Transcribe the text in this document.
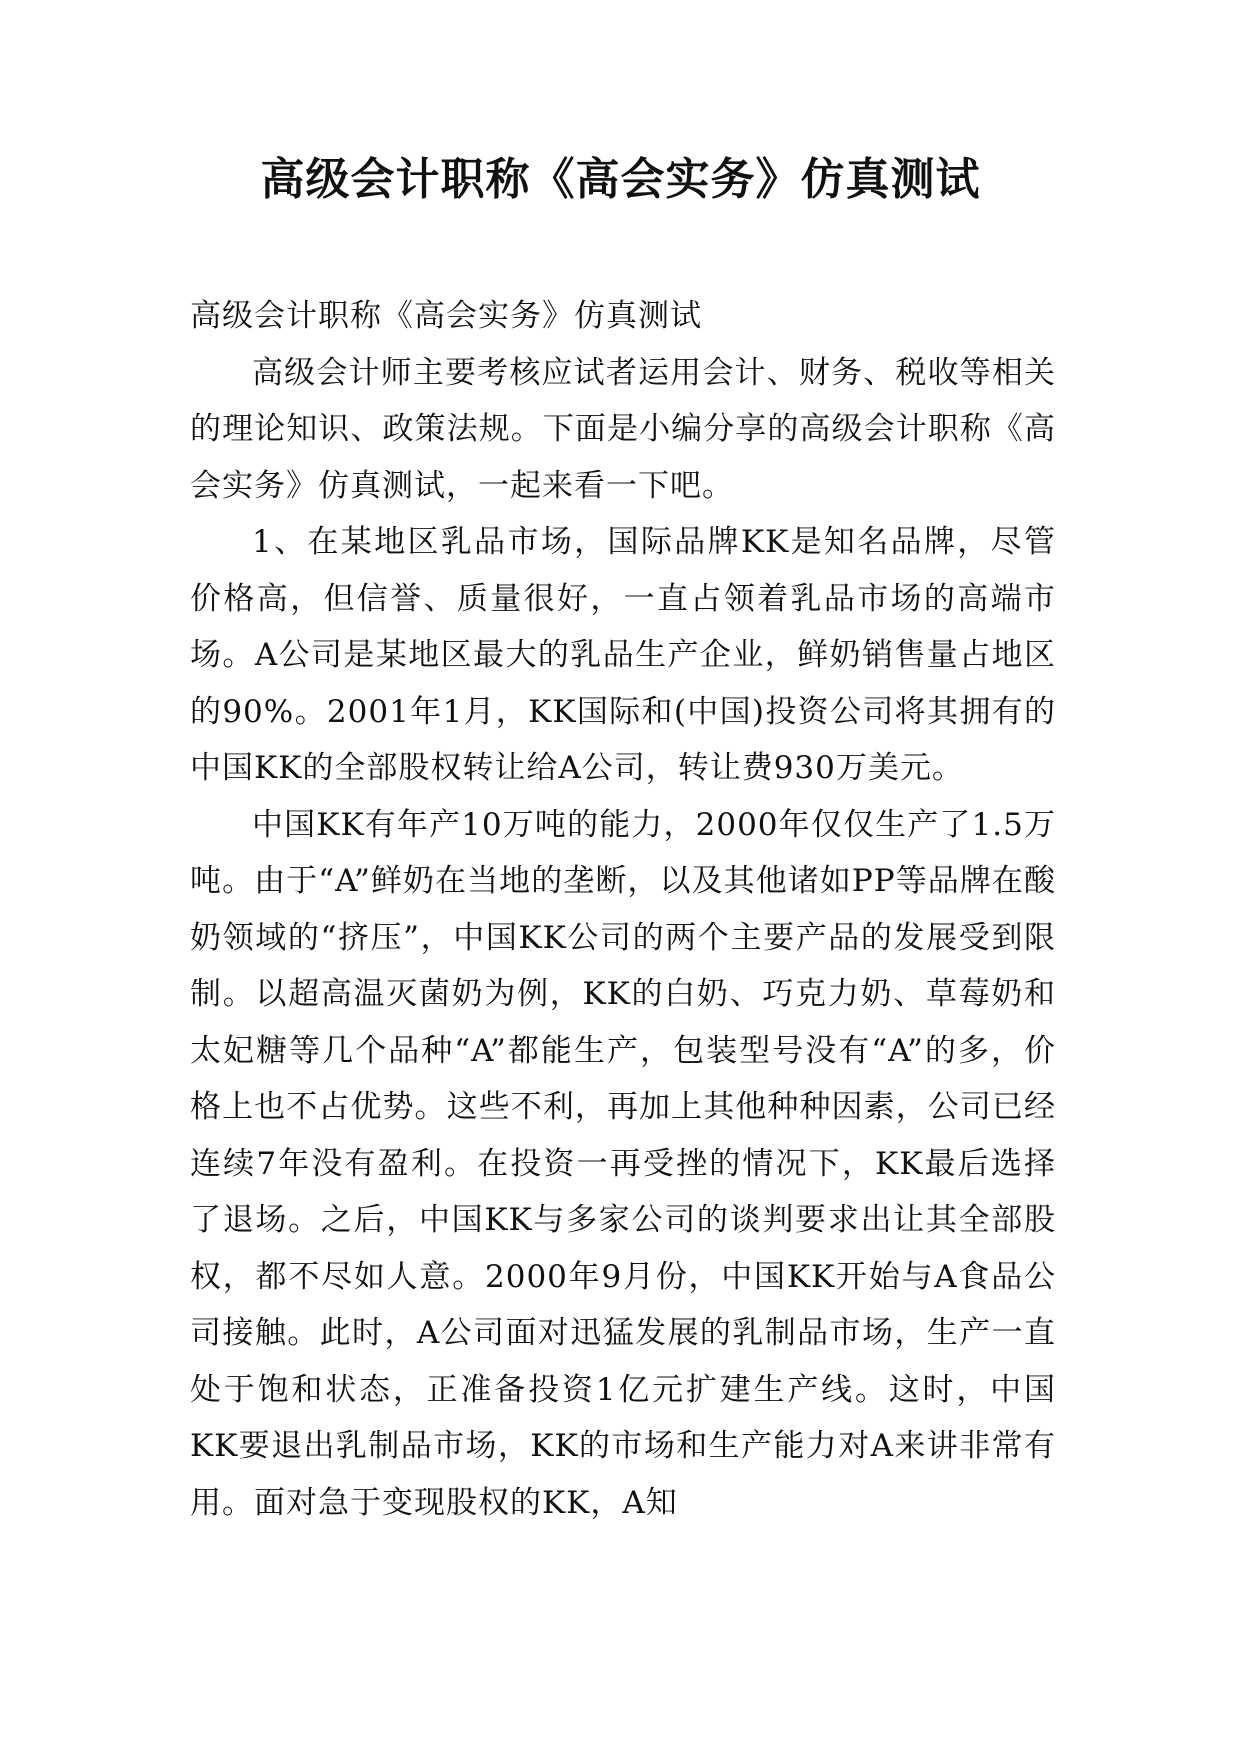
高级会计职称《高会实务》仿真测试

高级会计职称《高会实务》仿真测试

高级会计师主要考核应试者运用会计、财务、税收等相关的理论知识、政策法规。下面是小编分享的高级会计职称《高会实务》仿真测试，一起来看一下吧。

1、在某地区乳品市场，国际品牌KK是知名品牌，尽管价格高，但信誉、质量很好，一直占领着乳品市场的高端市场。A公司是某地区最大的乳品生产企业，鲜奶销售量占地区的90%。2001年1月，KK国际和(中国)投资公司将其拥有的中国KK的全部股权转让给A公司，转让费930万美元。

中国KK有年产10万吨的能力，2000年仅仅生产了1.5万吨。由于“A”鲜奶在当地的垄断，以及其他诸如PP等品牌在酸奶领域的“挤压”，中国KK公司的两个主要产品的发展受到限制。以超高温灭菌奶为例，KK的白奶、巧克力奶、草莓奶和太妃糖等几个品种“A”都能生产，包装型号没有“A”的多，价格上也不占优势。这些不利，再加上其他种种因素，公司已经连续7年没有盈利。在投资一再受挫的情况下，KK最后选择了退场。之后，中国KK与多家公司的谈判要求出让其全部股权，都不尽如人意。2000年9月份，中国KK开始与A食品公司接触。此时，A公司面对迅猛发展的乳制品市场，生产一直处于饱和状态，正准备投资1亿元扩建生产线。这时，中国KK要退出乳制品市场，KK的市场和生产能力对A来讲非常有用。面对急于变现股权的KK，A知
